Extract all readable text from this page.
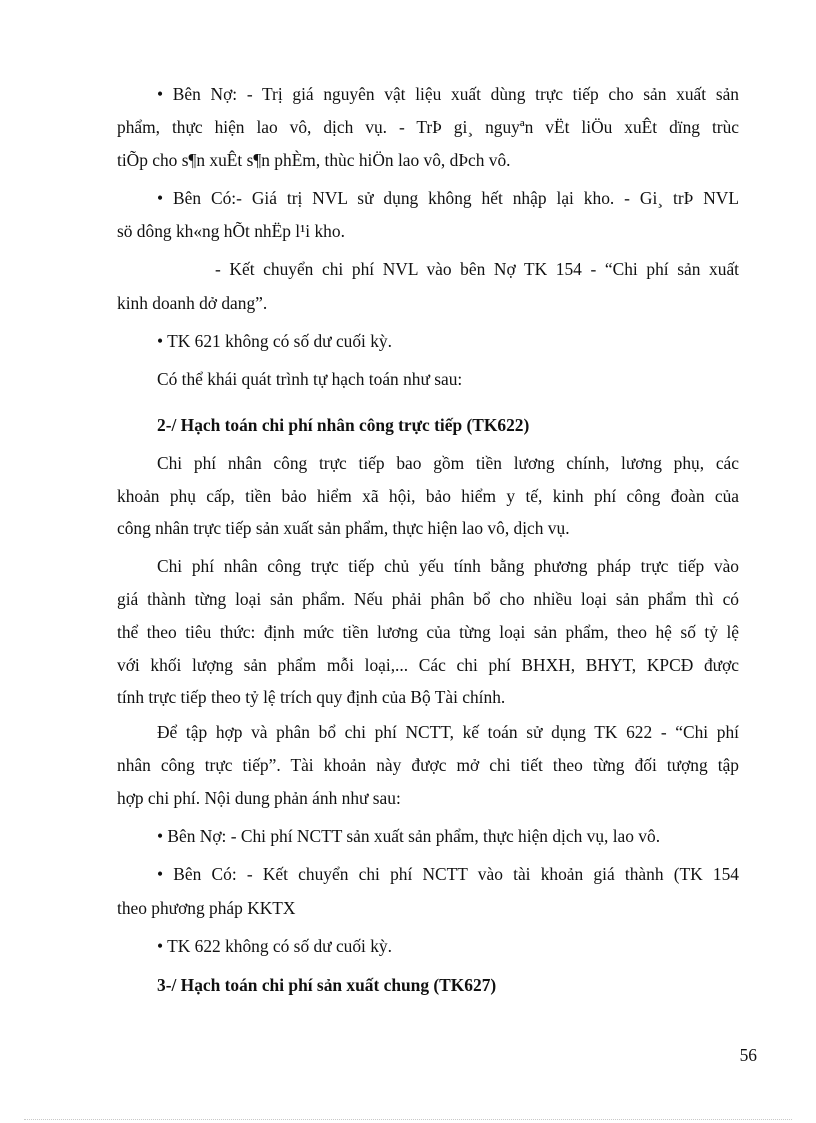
• Bên Nợ: - Trị giá nguyên vật liệu xuất dùng trực tiếp cho sản xuất sản
phẩm, thực hiện lao vô, dịch vụ. - TrÞ gi¸ nguyªn vËt liÖu xuÊt dïng trùc
tiÕp cho s¶n xuÊt s¶n phÈm, thùc hiÖn lao vô, dÞch vô.
• Bên Có:- Giá trị NVL sử dụng không hết nhập lại kho. - Gi¸ trÞ NVL
sö dông kh«ng hÕt nhËp l¹i kho.
- Kết chuyển chi phí NVL vào bên Nợ TK 154 - “Chi phí sản xuất
kinh doanh dở dang”.
• TK 621 không có số dư cuối kỳ.
Có thể khái quát trình tự hạch toán như sau:
2-/ Hạch toán chi phí nhân công trực tiếp (TK622)
Chi phí nhân công trực tiếp bao gồm tiền lương chính, lương phụ, các
khoản phụ cấp, tiền bảo hiểm xã hội, bảo hiểm y tế, kinh phí công đoàn của
công nhân trực tiếp sản xuất sản phẩm, thực hiện lao vô, dịch vụ.
Chi phí nhân công trực tiếp chủ yếu tính bằng phương pháp trực tiếp vào
giá thành từng loại sản phẩm. Nếu phải phân bổ cho nhiều loại sản phẩm thì có
thể theo tiêu thức: định mức tiền lương của từng loại sản phẩm, theo hệ số tỷ lệ
với khối lượng sản phẩm mỗi loại,... Các chi phí BHXH, BHYT, KPCĐ được
tính trực tiếp theo tỷ lệ trích quy định của Bộ Tài chính.
Để tập hợp và phân bổ chi phí NCTT, kế toán sử dụng TK 622 - “Chi phí
nhân công trực tiếp”. Tài khoản này được mở chi tiết theo từng đối tượng tập
hợp chi phí. Nội dung phản ánh như sau:
• Bên Nợ: - Chi phí NCTT sản xuất sản phẩm, thực hiện dịch vụ, lao vô.
• Bên Có: - Kết chuyển chi phí NCTT vào tài khoản giá thành (TK 154
theo phương pháp KKTX
• TK 622 không có số dư cuối kỳ.
3-/ Hạch toán chi phí sản xuất chung (TK627)
56
